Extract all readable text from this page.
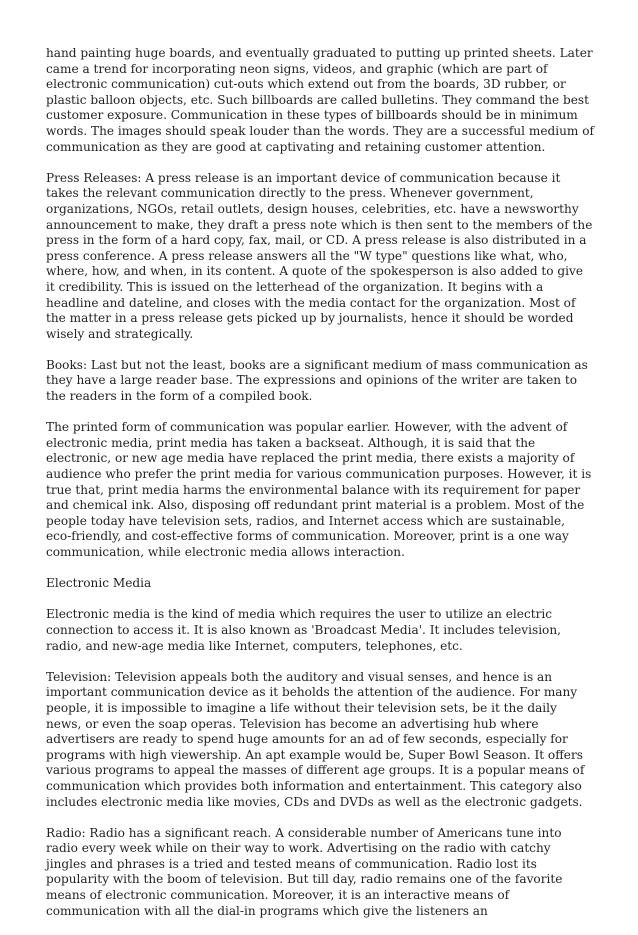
hand painting huge boards, and eventually graduated to putting up printed sheets. Later came a trend for incorporating neon signs, videos, and graphic (which are part of electronic communication) cut-outs which extend out from the boards, 3D rubber, or plastic balloon objects, etc. Such billboards are called bulletins. They command the best customer exposure. Communication in these types of billboards should be in minimum words. The images should speak louder than the words. They are a successful medium of communication as they are good at captivating and retaining customer attention.

Press Releases: A press release is an important device of communication because it takes the relevant communication directly to the press. Whenever government, organizations, NGOs, retail outlets, design houses, celebrities, etc. have a newsworthy announcement to make, they draft a press note which is then sent to the members of the press in the form of a hard copy, fax, mail, or CD. A press release is also distributed in a press conference. A press release answers all the "W type" questions like what, who, where, how, and when, in its content. A quote of the spokesperson is also added to give it credibility. This is issued on the letterhead of the organization. It begins with a headline and dateline, and closes with the media contact for the organization. Most of the matter in a press release gets picked up by journalists, hence it should be worded wisely and strategically.

Books: Last but not the least, books are a significant medium of mass communication as they have a large reader base. The expressions and opinions of the writer are taken to the readers in the form of a compiled book.

The printed form of communication was popular earlier. However, with the advent of electronic media, print media has taken a backseat. Although, it is said that the electronic, or new age media have replaced the print media, there exists a majority of audience who prefer the print media for various communication purposes. However, it is true that, print media harms the environmental balance with its requirement for paper and chemical ink. Also, disposing off redundant print material is a problem. Most of the people today have television sets, radios, and Internet access which are sustainable, eco-friendly, and cost-effective forms of communication. Moreover, print is a one way communication, while electronic media allows interaction.

Electronic Media

Electronic media is the kind of media which requires the user to utilize an electric connection to access it. It is also known as 'Broadcast Media'. It includes television, radio, and new-age media like Internet, computers, telephones, etc.

Television: Television appeals both the auditory and visual senses, and hence is an important communication device as it beholds the attention of the audience. For many people, it is impossible to imagine a life without their television sets, be it the daily news, or even the soap operas. Television has become an advertising hub where advertisers are ready to spend huge amounts for an ad of few seconds, especially for programs with high viewership. An apt example would be, Super Bowl Season. It offers various programs to appeal the masses of different age groups. It is a popular means of communication which provides both information and entertainment. This category also includes electronic media like movies, CDs and DVDs as well as the electronic gadgets.

Radio: Radio has a significant reach. A considerable number of Americans tune into radio every week while on their way to work. Advertising on the radio with catchy jingles and phrases is a tried and tested means of communication. Radio lost its popularity with the boom of television. But till day, radio remains one of the favorite means of electronic communication. Moreover, it is an interactive means of communication with all the dial-in programs which give the listeners an
